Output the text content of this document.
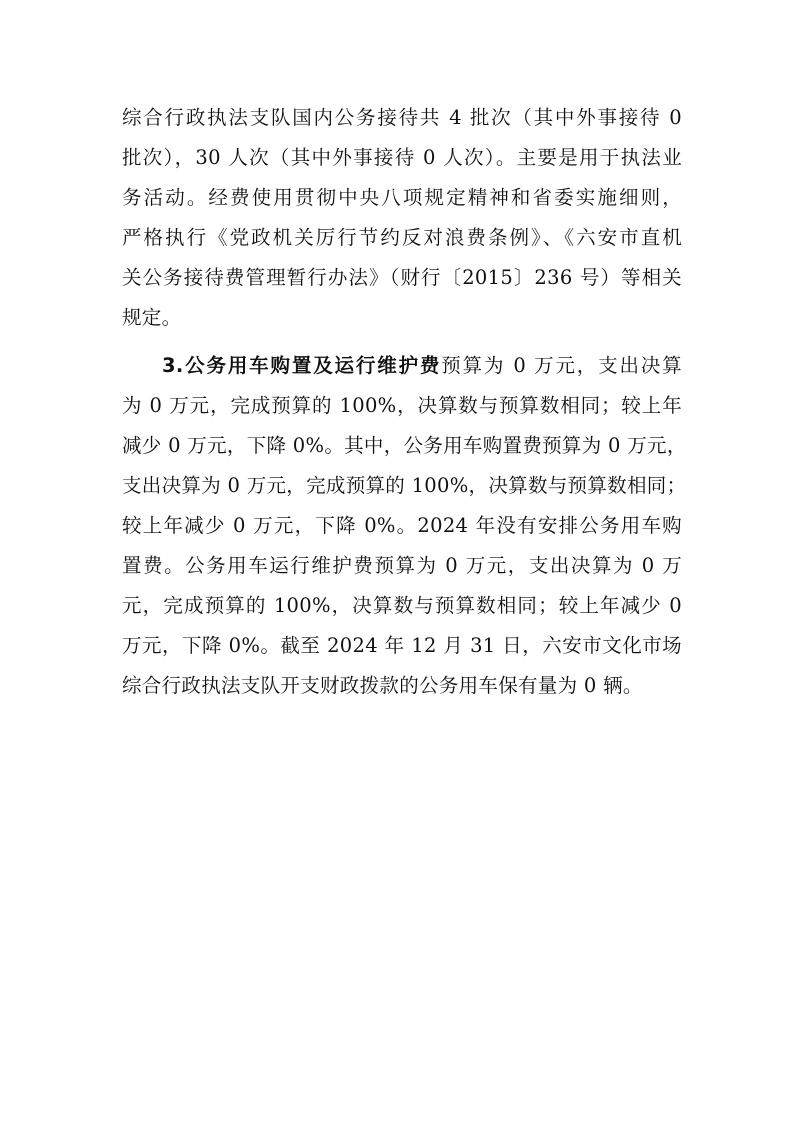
综合行政执法支队国内公务接待共 4 批次（其中外事接待 0
批次），30 人次（其中外事接待 0 人次）。主要是用于执法业
务活动。经费使用贯彻中央八项规定精神和省委实施细则，
严格执行《党政机关厉行节约反对浪费条例》、《六安市直机
关公务接待费管理暂行办法》（财行〔2015〕236 号）等相关
规定。
3.公务用车购置及运行维护费预算为 0 万元，支出决算
为 0 万元，完成预算的 100%，决算数与预算数相同；较上年
减少 0 万元，下降 0%。其中，公务用车购置费预算为 0 万元，
支出决算为 0 万元，完成预算的 100%，决算数与预算数相同；
较上年减少 0 万元，下降 0%。2024 年没有安排公务用车购
置费。公务用车运行维护费预算为 0 万元，支出决算为 0 万
元，完成预算的 100%，决算数与预算数相同；较上年减少 0
万元，下降 0%。截至 2024 年 12 月 31 日，六安市文化市场
综合行政执法支队开支财政拨款的公务用车保有量为 0 辆。
